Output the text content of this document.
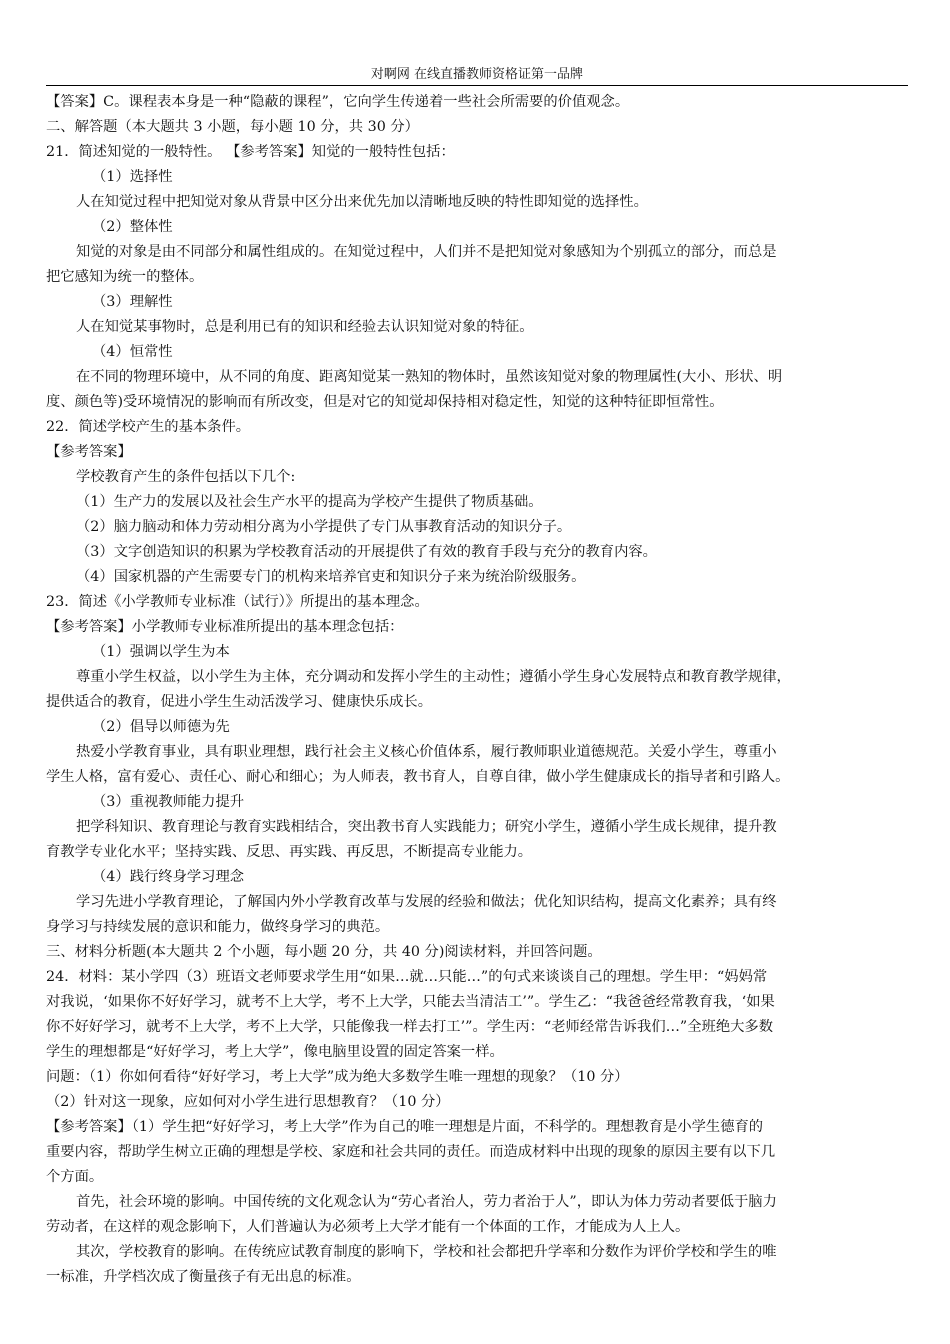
对啊网 在线直播教师资格证第一品牌
【答案】C。课程表本身是一种“隐蔽的课程”，它向学生传递着一些社会所需要的价值观念。
二、解答题（本大题共 3 小题，每小题 10 分，共 30 分）
21．简述知觉的一般特性。 【参考答案】知觉的一般特性包括：
（1）选择性
人在知觉过程中把知觉对象从背景中区分出来优先加以清晰地反映的特性即知觉的选择性。
（2）整体性
知觉的对象是由不同部分和属性组成的。在知觉过程中，人们并不是把知觉对象感知为个别孤立的部分，而总是
把它感知为统一的整体。
（3）理解性
人在知觉某事物时，总是利用已有的知识和经验去认识知觉对象的特征。
（4）恒常性
在不同的物理环境中，从不同的角度、距离知觉某一熟知的物体时，虽然该知觉对象的物理属性(大小、形状、明
度、颜色等)受环境情况的影响而有所改变，但是对它的知觉却保持相对稳定性，知觉的这种特征即恒常性。
22．简述学校产生的基本条件。
【参考答案】
学校教育产生的条件包括以下几个:
（1）生产力的发展以及社会生产水平的提高为学校产生提供了物质基础。
（2）脑力脑动和体力劳动相分离为小学提供了专门从事教育活动的知识分子。
（3）文字创造知识的积累为学校教育活动的开展提供了有效的教育手段与充分的教育内容。
（4）国家机器的产生需要专门的机构来培养官吏和知识分子来为统治阶级服务。
23．简述《小学教师专业标准（试行）》所提出的基本理念。
【参考答案】小学教师专业标准所提出的基本理念包括：
（1）强调以学生为本
尊重小学生权益，以小学生为主体，充分调动和发挥小学生的主动性；遵循小学生身心发展特点和教育教学规律，
提供适合的教育，促进小学生生动活泼学习、健康快乐成长。
（2）倡导以师德为先
热爱小学教育事业，具有职业理想，践行社会主义核心价值体系，履行教师职业道德规范。关爱小学生，尊重小
学生人格，富有爱心、责任心、耐心和细心；为人师表，教书育人，自尊自律，做小学生健康成长的指导者和引路人。
（3）重视教师能力提升
把学科知识、教育理论与教育实践相结合，突出教书育人实践能力；研究小学生，遵循小学生成长规律，提升教
育教学专业化水平；坚持实践、反思、再实践、再反思，不断提高专业能力。
（4）践行终身学习理念
学习先进小学教育理论，了解国内外小学教育改革与发展的经验和做法；优化知识结构，提高文化素养；具有终
身学习与持续发展的意识和能力，做终身学习的典范。
三、材料分析题(本大题共 2 个小题，每小题 20 分，共 40 分)阅读材料，并回答问题。
24．材料：某小学四（3）班语文老师要求学生用“如果…就…只能…”的句式来谈谈自己的理想。学生甲：“妈妈常
对我说，‘如果你不好好学习，就考不上大学，考不上大学，只能去当清洁工’”。学生乙：“我爸爸经常教育我，‘如果
你不好好学习，就考不上大学，考不上大学，只能像我一样去打工’”。学生丙：“老师经常告诉我们…”全班绝大多数
学生的理想都是“好好学习，考上大学”，像电脑里设置的固定答案一样。
问题：（1）你如何看待“好好学习，考上大学”成为绝大多数学生唯一理想的现象？（10 分）
（2）针对这一现象，应如何对小学生进行思想教育？（10 分）
【参考答案】（1）学生把“好好学习，考上大学”作为自己的唯一理想是片面，不科学的。理想教育是小学生德育的
重要内容，帮助学生树立正确的理想是学校、家庭和社会共同的责任。而造成材料中出现的现象的原因主要有以下几
个方面。
首先，社会环境的影响。中国传统的文化观念认为“劳心者治人，劳力者治于人”，即认为体力劳动者要低于脑力
劳动者，在这样的观念影响下，人们普遍认为必须考上大学才能有一个体面的工作，才能成为人上人。
其次，学校教育的影响。在传统应试教育制度的影响下，学校和社会都把升学率和分数作为评价学校和学生的唯
一标准，升学档次成了衡量孩子有无出息的标准。
